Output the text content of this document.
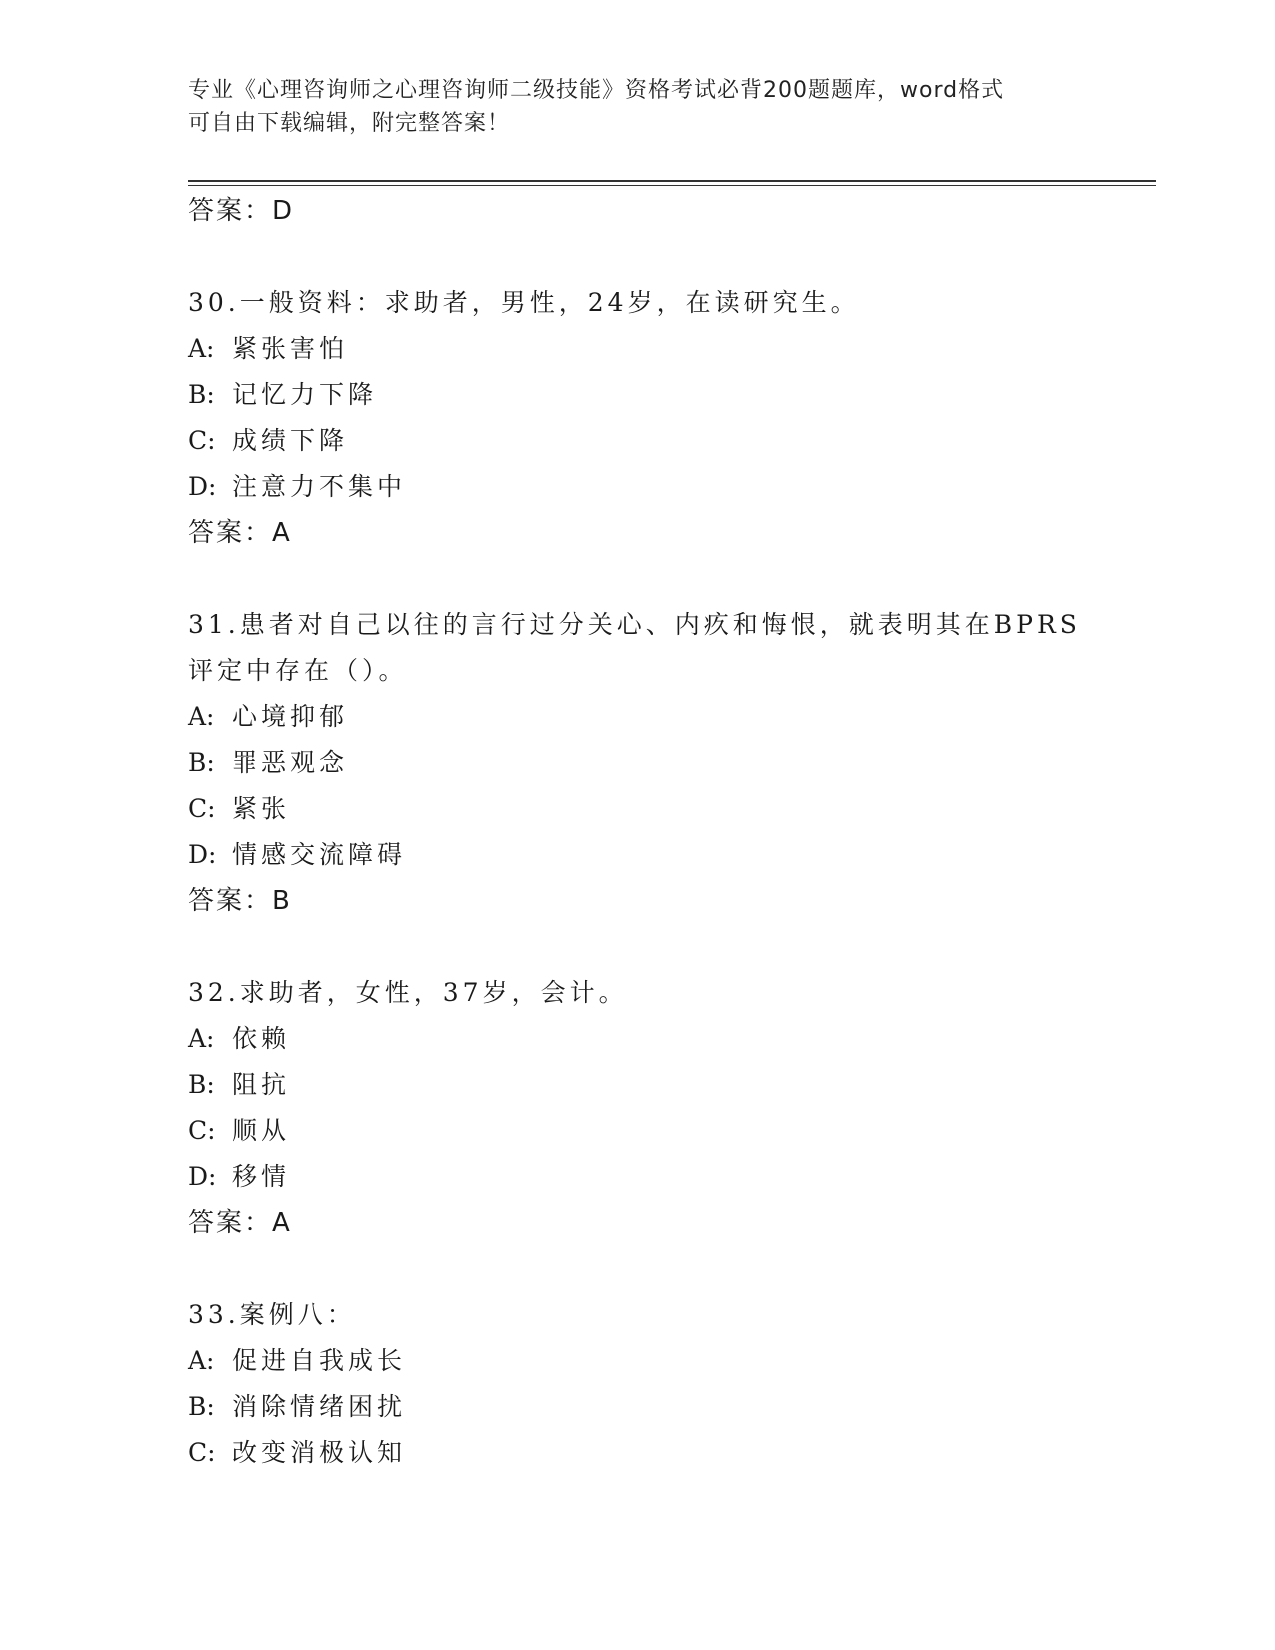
专业《心理咨询师之心理咨询师二级技能》资格考试必背200题题库，word格式
可自由下载编辑，附完整答案！
答案：D
30.一般资料：求助者，男性，24岁，在读研究生。
A: 紧张害怕
B: 记忆力下降
C: 成绩下降
D: 注意力不集中
答案：A
31.患者对自己以往的言行过分关心、内疚和悔恨，就表明其在BPRS
评定中存在（）。
A: 心境抑郁
B: 罪恶观念
C: 紧张
D: 情感交流障碍
答案：B
32.求助者，女性，37岁，会计。
A: 依赖
B: 阻抗
C: 顺从
D: 移情
答案：A
33.案例八：
A: 促进自我成长
B: 消除情绪困扰
C: 改变消极认知
